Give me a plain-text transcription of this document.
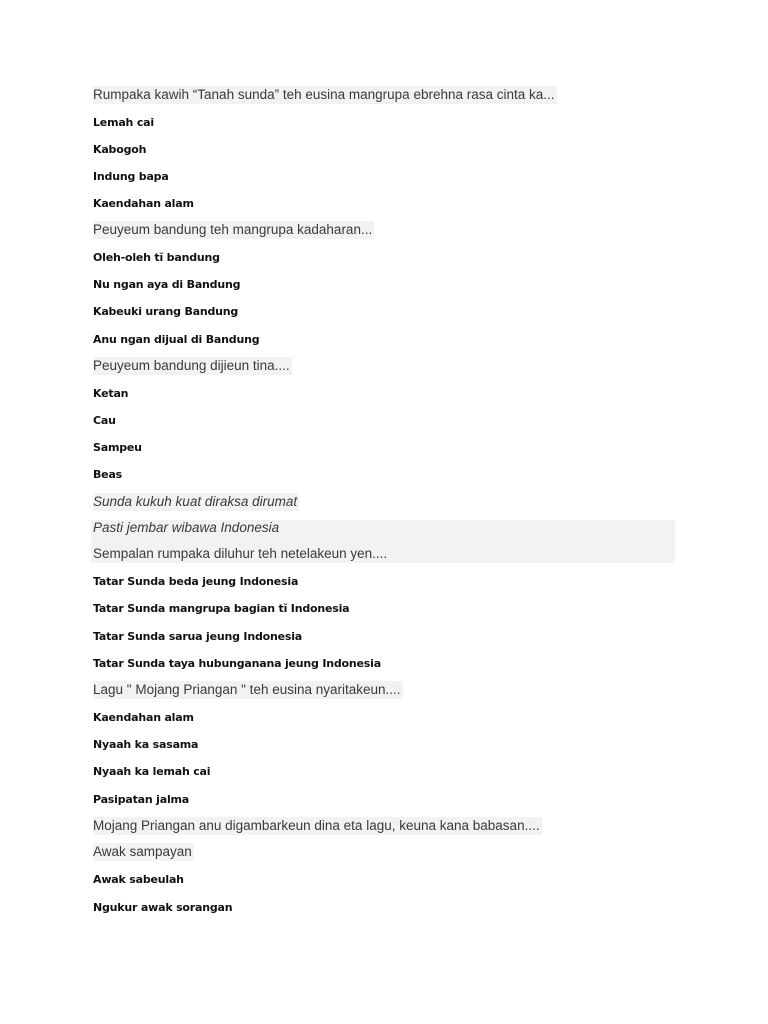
Rumpaka kawih “Tanah sunda” teh eusina mangrupa ebrehna rasa cinta ka...
Lemah cai
Kabogoh
Indung bapa
Kaendahan alam
Peuyeum bandung teh mangrupa kadaharan...
Oleh-oleh tĭ bandung
Nu ngan aya di Bandung
Kabeuki urang Bandung
Anu ngan dijual di Bandung
Peuyeum bandung dijieun tina....
Ketan
Cau
Sampeu
Beas
Sunda kukuh kuat diraksa dirumat
Pasti jembar wibawa Indonesia
Sempalan rumpaka diluhur teh netelakeun yen....
Tatar Sunda beda jeung Indonesia
Tatar Sunda mangrupa bagian tĭ Indonesia
Tatar Sunda sarua jeung Indonesia
Tatar Sunda taya hubunganana jeung Indonesia
Lagu " Mojang Priangan " teh eusina nyaritakeun....
Kaendahan alam
Nyaah ka sasama
Nyaah ka lemah cai
Pasipatan jalma
Mojang Priangan anu digambarkeun dina eta lagu, keuna kana babasan....
Awak sampayan
Awak sabeulah
Ngukur awak sorangan
